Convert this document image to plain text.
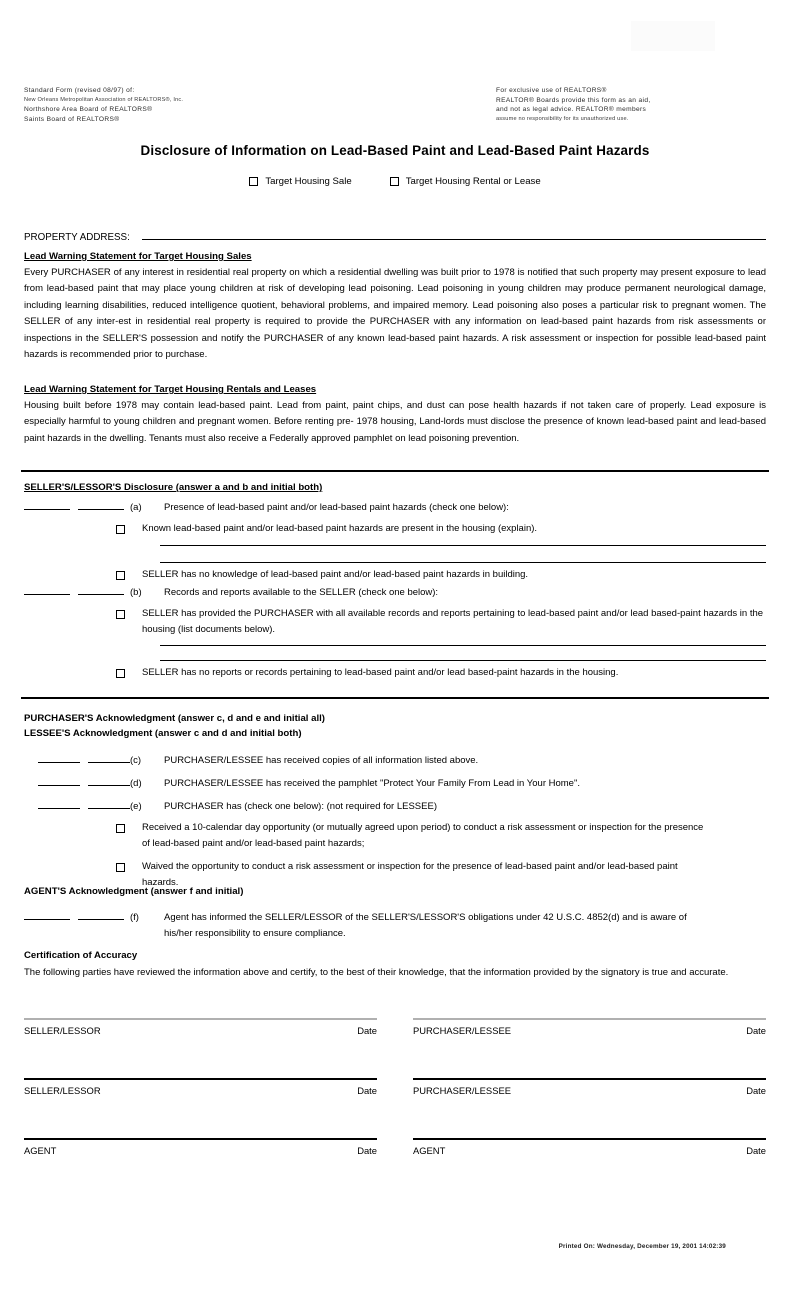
Standard Form (revised 08/97) of:
New Orleans Metropolitan Association of REALTORS®, Inc.
Northshore Area Board of REALTORS®
Saints Board of REALTORS®
For exclusive use of REALTORS®
REALTOR® Boards provide this form as an aid,
and not as legal advice. REALTOR® members
assume no responsibility for its unauthorized use.
Disclosure of Information on Lead-Based Paint and Lead-Based Paint Hazards
Target Housing Sale	Target Housing Rental or Lease
PROPERTY ADDRESS:
Lead Warning Statement for Target Housing Sales

Every PURCHASER of any interest in residential real property on which a residential dwelling was built prior to 1978 is notified that such property may present exposure to lead from lead-based paint that may place young children at risk of developing lead poisoning. Lead poisoning in young children may produce permanent neurological damage, including learning disabilities, reduced intelligence quotient, behavioral problems, and impaired memory. Lead poisoning also poses a particular risk to pregnant women. The SELLER of any inter-est in residential real property is required to provide the PURCHASER with any information on lead-based paint hazards from risk assessments or inspections in the SELLER'S possession and notify the PURCHASER of any known lead-based paint hazards. A risk assessment or inspection for possible lead-based paint hazards is recommended prior to purchase.

Lead Warning Statement for Target Housing Rentals and Leases

Housing built before 1978 may contain lead-based paint. Lead from paint, paint chips, and dust can pose health hazards if not taken care of properly. Lead exposure is especially harmful to young children and pregnant women. Before renting pre- 1978 housing, Land-lords must disclose the presence of known lead-based paint and lead-based paint hazards in the dwelling. Tenants must also receive a Federally approved pamphlet on lead poisoning prevention.

SELLER'S/LESSOR'S Disclosure (answer a and b and initial both)
(a)	Presence of lead-based paint and/or lead-based paint hazards (check one below):
Known lead-based paint and/or lead-based paint hazards are present in the housing (explain).
SELLER has no knowledge of lead-based paint and/or lead-based paint hazards in building.
(b)	Records and reports available to the SELLER (check one below):
SELLER has provided the PURCHASER with all available records and reports pertaining to lead-based paint and/or lead based-paint hazards in the housing (list documents below).
SELLER has no reports or records pertaining to lead-based paint and/or lead based-paint hazards in the housing.
PURCHASER'S Acknowledgment (answer c, d and e and initial all)
LESSEE'S Acknowledgment (answer c and d and initial both)
(c)	PURCHASER/LESSEE has received copies of all information listed above.
(d)	PURCHASER/LESSEE has received the pamphlet "Protect Your Family From Lead in Your Home".
(e)	PURCHASER has (check one below): (not required for LESSEE)
Received a 10-calendar day opportunity (or mutually agreed upon period) to conduct a risk assessment or inspection for the presence of lead-based paint and/or lead-based paint hazards;
Waived the opportunity to conduct a risk assessment or inspection for the presence of lead-based paint and/or lead-based paint hazards.
AGENT'S Acknowledgment (answer f and initial)
(f)	Agent has informed the SELLER/LESSOR of the SELLER'S/LESSOR'S obligations under 42 U.S.C. 4852(d) and is aware of his/her responsibility to ensure compliance.
Certification of Accuracy

The following parties have reviewed the information above and certify, to the best of their knowledge, that the information provided by the signatory is true and accurate.

SELLER/LESSOR	Date	PURCHASER/LESSEE	Date
SELLER/LESSOR	Date	PURCHASER/LESSEE	Date
AGENT	Date	AGENT	Date
Printed On: Wednesday, December 19, 2001 14:02:39
